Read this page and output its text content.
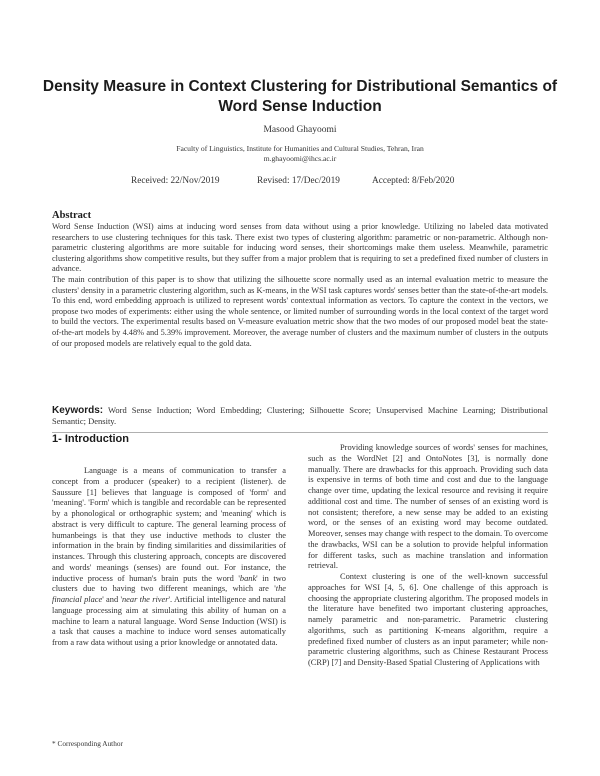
Density Measure in Context Clustering for Distributional Semantics of Word Sense Induction
Masood Ghayoomi
Faculty of Linguistics, Institute for Humanities and Cultural Studies, Tehran, Iran
m.ghayoomi@ihcs.ac.ir
Received: 22/Nov/2019	Revised: 17/Dec/2019	Accepted: 8/Feb/2020
Abstract

Word Sense Induction (WSI) aims at inducing word senses from data without using a prior knowledge. Utilizing no labeled data motivated researchers to use clustering techniques for this task. There exist two types of clustering algorithm: parametric or non-parametric. Although non-parametric clustering algorithms are more suitable for inducing word senses, their shortcomings make them useless. Meanwhile, parametric clustering algorithms show competitive results, but they suffer from a major problem that is requiring to set a predefined fixed number of clusters in advance.

The main contribution of this paper is to show that utilizing the silhouette score normally used as an internal evaluation metric to measure the clusters' density in a parametric clustering algorithm, such as K-means, in the WSI task captures words' senses better than the state-of-the-art models. To this end, word embedding approach is utilized to represent words' contextual information as vectors. To capture the context in the vectors, we propose two modes of experiments: either using the whole sentence, or limited number of surrounding words in the local context of the target word to build the vectors. The experimental results based on V-measure evaluation metric show that the two modes of our proposed model beat the state-of-the-art models by 4.48% and 5.39% improvement. Moreover, the average number of clusters and the maximum number of clusters in the outputs of our proposed models are relatively equal to the gold data.

Keywords: Word Sense Induction; Word Embedding; Clustering; Silhouette Score; Unsupervised Machine Learning; Distributional Semantic; Density.
1- Introduction

Language is a means of communication to transfer a concept from a producer (speaker) to a recipient (listener). de Saussure [1] believes that language is composed of 'form' and 'meaning'. 'Form' which is tangible and recordable can be represented by a phonological or orthographic system; and 'meaning' which is abstract is very difficult to capture. The general learning process of humanbeings is that they use inductive methods to cluster the information in the brain by finding similarities and dissimilarities of instances. Through this clustering approach, concepts are discovered and words' meanings (senses) are found out. For instance, the inductive process of human's brain puts the word 'bank' in two clusters due to having two different meanings, which are 'the financial place' and 'near the river'. Artificial intelligence and natural language processing aim at simulating this ability of human on a machine to learn a natural language. Word Sense Induction (WSI) is a task that causes a machine to induce word senses automatically from a raw data without using a prior knowledge or annotated data.

Providing knowledge sources of words' senses for machines, such as the WordNet [2] and OntoNotes [3], is normally done manually. There are drawbacks for this approach. Providing such data is expensive in terms of both time and cost and due to the language change over time, updating the lexical resource and revising it require additional cost and time. The number of senses of an existing word is not consistent; therefore, a new sense may be added to an existing word, or the senses of an existing word may become outdated. Moreover, senses may change with respect to the domain. To overcome the drawbacks, WSI can be a solution to provide helpful information for different tasks, such as machine translation and information retrieval.

Context clustering is one of the well-known successful approaches for WSI [4, 5, 6]. One challenge of this approach is choosing the appropriate clustering algorithm. The proposed models in the literature have benefited two important clustering approaches, namely parametric and non-parametric. Parametric clustering algorithms, such as partitioning K-means algorithm, require a predefined fixed number of clusters as an input parameter; while non-parametric clustering algorithms, such as Chinese Restaurant Process (CRP) [7] and Density-Based Spatial Clustering of Applications with

* Corresponding Author
